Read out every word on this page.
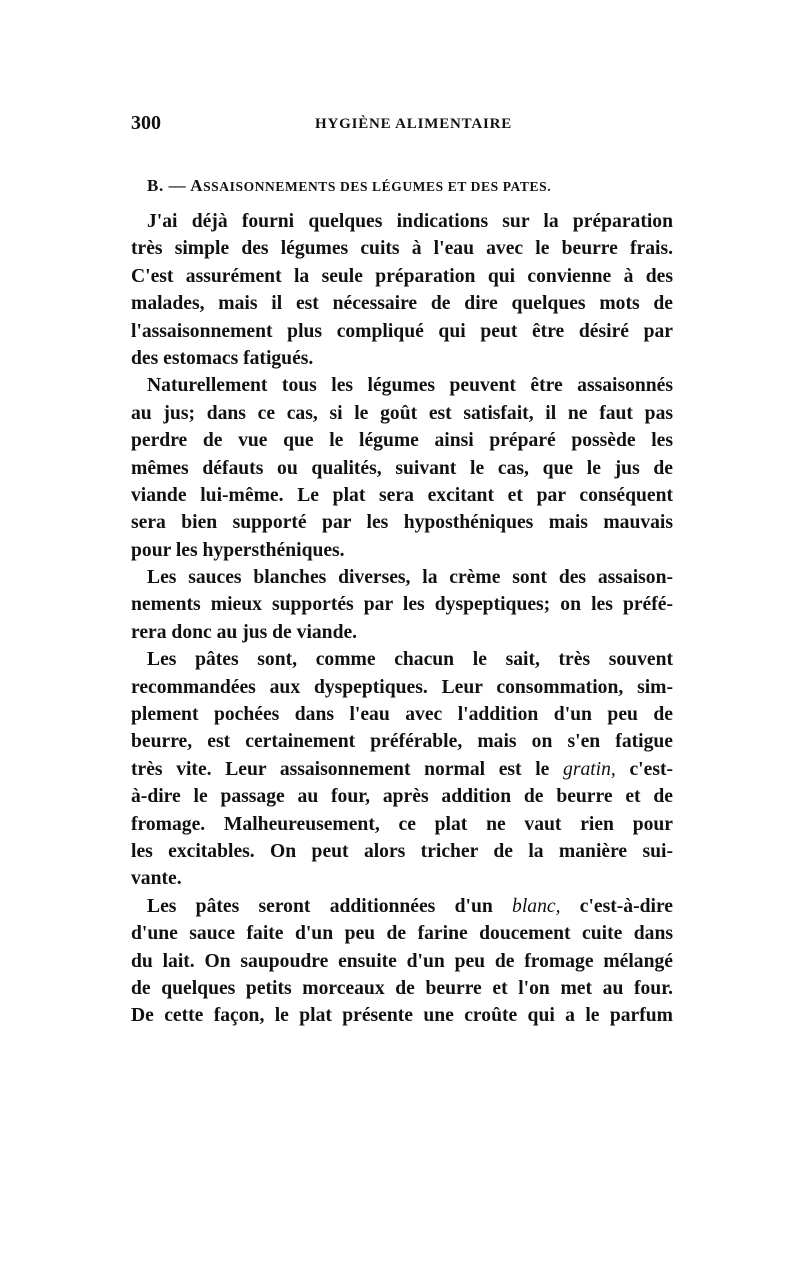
300	HYGIÈNE ALIMENTAIRE
B. — ASSAISONNEMENTS DES LÉGUMES ET DES PATES.
J'ai déjà fourni quelques indications sur la préparation
très simple des légumes cuits à l'eau avec le beurre frais.
C'est assurément la seule préparation qui convienne à des
malades, mais il est nécessaire de dire quelques mots de
l'assaisonnement plus compliqué qui peut être désiré par
des estomacs fatigués.
Naturellement tous les légumes peuvent être assaisonnés
au jus; dans ce cas, si le goût est satisfait, il ne faut pas
perdre de vue que le légume ainsi préparé possède les
mêmes défauts ou qualités, suivant le cas, que le jus de
viande lui-même. Le plat sera excitant et par conséquent
sera bien supporté par les hyposthéniques mais mauvais
pour les hypersthéniques.
Les sauces blanches diverses, la crème sont des assaison-
nements mieux supportés par les dyspeptiques; on les préfé-
rera donc au jus de viande.
Les pâtes sont, comme chacun le sait, très souvent
recommandées aux dyspeptiques. Leur consommation, sim-
plement pochées dans l'eau avec l'addition d'un peu de
beurre, est certainement préférable, mais on s'en fatigue
très vite. Leur assaisonnement normal est le gratin, c'est-
à-dire le passage au four, après addition de beurre et de
fromage. Malheureusement, ce plat ne vaut rien pour
les excitables. On peut alors tricher de la manière sui-
vante.
Les pâtes seront additionnées d'un blanc, c'est-à-dire
d'une sauce faite d'un peu de farine doucement cuite dans
du lait. On saupoudre ensuite d'un peu de fromage mélangé
de quelques petits morceaux de beurre et l'on met au four.
De cette façon, le plat présente une croûte qui a le parfum
